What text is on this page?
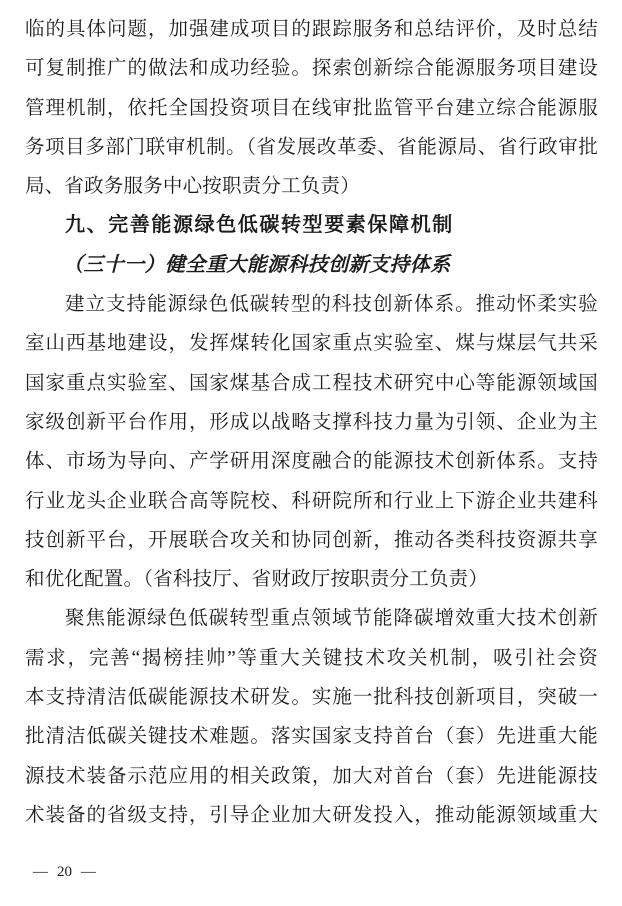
临的具体问题，加强建成项目的跟踪服务和总结评价，及时总结
可复制推广的做法和成功经验。探索创新综合能源服务项目建设
管理机制，依托全国投资项目在线审批监管平台建立综合能源服
务项目多部门联审机制。（省发展改革委、省能源局、省行政审批
局、省政务服务中心按职责分工负责）
九、完善能源绿色低碳转型要素保障机制
（三十一）健全重大能源科技创新支持体系
建立支持能源绿色低碳转型的科技创新体系。推动怀柔实验
室山西基地建设，发挥煤转化国家重点实验室、煤与煤层气共采
国家重点实验室、国家煤基合成工程技术研究中心等能源领域国
家级创新平台作用，形成以战略支撑科技力量为引领、企业为主
体、市场为导向、产学研用深度融合的能源技术创新体系。支持
行业龙头企业联合高等院校、科研院所和行业上下游企业共建科
技创新平台，开展联合攻关和协同创新，推动各类科技资源共享
和优化配置。（省科技厅、省财政厅按职责分工负责）
聚焦能源绿色低碳转型重点领域节能降碳增效重大技术创新
需求，完善“揭榜挂帅”等重大关键技术攻关机制，吸引社会资
本支持清洁低碳能源技术研发。实施一批科技创新项目，突破一
批清洁低碳关键技术难题。落实国家支持首台（套）先进重大能
源技术装备示范应用的相关政策，加大对首台（套）先进能源技
术装备的省级支持，引导企业加大研发投入，推动能源领域重大
— 20 —
